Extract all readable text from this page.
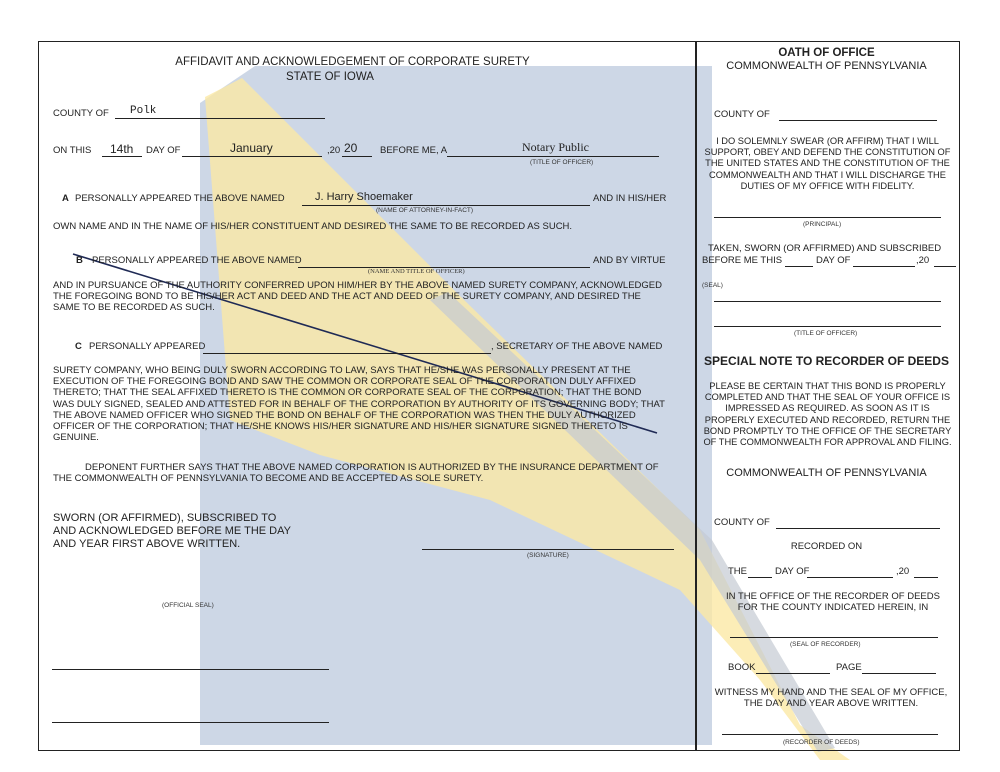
AFFIDAVIT AND ACKNOWLEDGEMENT OF CORPORATE SURETY
STATE OF IOWA
COUNTY OF Polk
ON THIS 14th DAY OF	January	,20 20 BEFORE ME, A	Notary Public
(TITLE OF OFFICER)
A PERSONALLY APPEARED THE ABOVE NAMED	J. Harry Shoemaker	AND IN HIS/HER
(NAME OF ATTORNEY-IN-FACT)
OWN NAME AND IN THE NAME OF HIS/HER CONSTITUENT AND DESIRED THE SAME TO BE RECORDED AS SUCH.
B PERSONALLY APPEARED THE ABOVE NAMED	AND BY VIRTUE
(NAME AND TITLE OF OFFICER)
AND IN PURSUANCE OF THE AUTHORITY CONFERRED UPON HIM/HER BY THE ABOVE NAMED SURETY COMPANY, ACKNOWLEDGED THE FOREGOING BOND TO BE HIS/HER ACT AND DEED AND THE ACT AND DEED OF THE SURETY COMPANY, AND DESIRED THE SAME TO BE RECORDED AS SUCH.
C PERSONALLY APPEARED	, SECRETARY OF THE ABOVE NAMED
SURETY COMPANY, WHO BEING DULY SWORN ACCORDING TO LAW, SAYS THAT HE/SHE WAS PERSONALLY PRESENT AT THE EXECUTION OF THE FOREGOING BOND AND SAW THE COMMON OR CORPORATE SEAL OF THE CORPORATION DULY AFFIXED THERETO; THAT THE SEAL AFFIXED THERETO IS THE COMMON OR CORPORATE SEAL OF THE CORPORATION; THAT THE BOND WAS DULY SIGNED, SEALED AND ATTESTED FOR IN BEHALF OF THE CORPORATION BY AUTHORITY OF ITS GOVERNING BODY; THAT THE ABOVE NAMED OFFICER WHO SIGNED THE BOND ON BEHALF OF THE CORPORATION WAS THEN THE DULY AUTHORIZED OFFICER OF THE CORPORATION; THAT HE/SHE KNOWS HIS/HER SIGNATURE AND HIS/HER SIGNATURE SIGNED THERETO IS GENUINE.
DEPONENT FURTHER SAYS THAT THE ABOVE NAMED CORPORATION IS AUTHORIZED BY THE INSURANCE DEPARTMENT OF THE COMMONWEALTH OF PENNSYLVANIA TO BECOME AND BE ACCEPTED AS SOLE SURETY.
SWORN (OR AFFIRMED), SUBSCRIBED TO AND ACKNOWLEDGED BEFORE ME THE DAY AND YEAR FIRST ABOVE WRITTEN.
(SIGNATURE)
(OFFICIAL SEAL)
OATH OF OFFICE
COMMONWEALTH OF PENNSYLVANIA
COUNTY OF
I DO SOLEMNLY SWEAR (OR AFFIRM) THAT I WILL SUPPORT, OBEY AND DEFEND THE CONSTITUTION OF THE UNITED STATES AND THE CONSTITUTION OF THE COMMONWEALTH AND THAT I WILL DISCHARGE THE DUTIES OF MY OFFICE WITH FIDELITY.
(PRINCIPAL)
TAKEN, SWORN (OR AFFIRMED) AND SUBSCRIBED
BEFORE ME THIS	DAY OF	,20
(SEAL)
(TITLE OF OFFICER)
SPECIAL NOTE TO RECORDER OF DEEDS
PLEASE BE CERTAIN THAT THIS BOND IS PROPERLY COMPLETED AND THAT THE SEAL OF YOUR OFFICE IS IMPRESSED AS REQUIRED. AS SOON AS IT IS PROPERLY EXECUTED AND RECORDED, RETURN THE BOND PROMPTLY TO THE OFFICE OF THE SECRETARY OF THE COMMONWEALTH FOR APPROVAL AND FILING.
COMMONWEALTH OF PENNSYLVANIA
COUNTY OF
RECORDED ON
THE	DAY OF	,20
IN THE OFFICE OF THE RECORDER OF DEEDS FOR THE COUNTY INDICATED HEREIN, IN
(SEAL OF RECORDER)
BOOK	PAGE
WITNESS MY HAND AND THE SEAL OF MY OFFICE, THE DAY AND YEAR ABOVE WRITTEN.
(RECORDER OF DEEDS)
